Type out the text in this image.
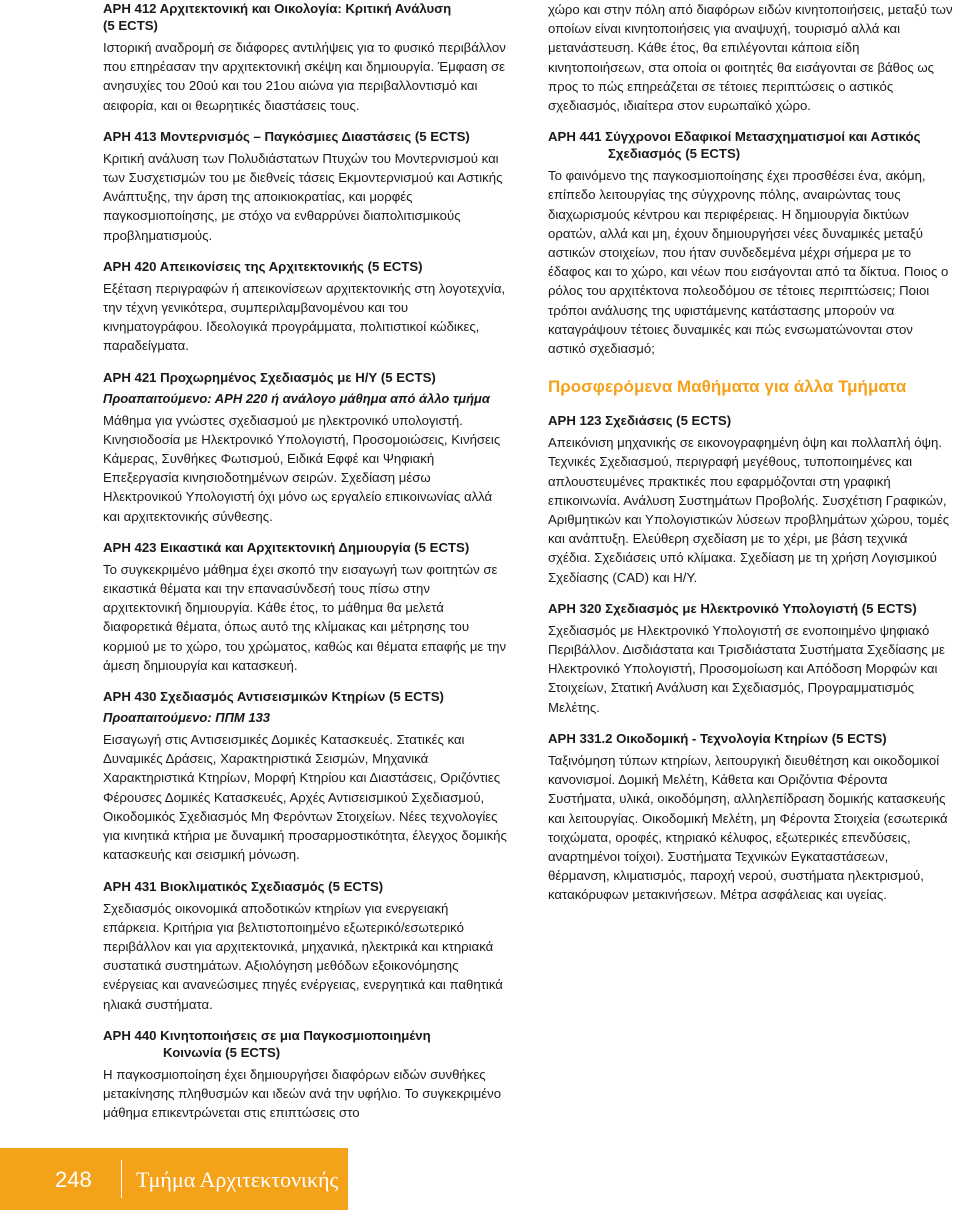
ΑΡΗ 412 Αρχιτεκτονική και Οικολογία: Κριτική Ανάλυση
(5 ECTS)

Ιστορική αναδρομή σε διάφορες αντιλήψεις για το φυσικό περιβάλλον που επηρέασαν την αρχιτεκτονική σκέψη και δημιουργία. Έμφαση σε ανησυχίες του 20ού και του 21ου αιώνα για περιβαλλοντισμό και αειφορία, και οι θεωρητικές διαστάσεις τους.

ΑΡΗ 413 Μοντερνισμός – Παγκόσμιες Διαστάσεις (5 ECTS)

Κριτική ανάλυση των Πολυδιάστατων Πτυχών του Μοντερνισμού και των Συσχετισμών του με διεθνείς τάσεις Εκμοντερνισμού και Αστικής Ανάπτυξης, την άρση της αποικιοκρατίας, και μορφές παγκοσμιοποίησης, με στόχο να ενθαρρύνει διαπολιτισμικούς προβληματισμούς.

ΑΡΗ 420 Απεικονίσεις της Αρχιτεκτονικής (5 ECTS)

Εξέταση περιγραφών ή απεικονίσεων αρχιτεκτονικής στη λογοτεχνία, την τέχνη γενικότερα, συμπεριλαμβανομένου και του κινηματογράφου. Ιδεολογικά προγράμματα, πολιτιστικοί κώδικες, παραδείγματα.

ΑΡΗ 421 Προχωρημένος Σχεδιασμός με Η/Υ (5 ECTS)
Προαπαιτούμενο: ΑΡΗ 220 ή ανάλογο μάθημα από άλλο τμήμα

Μάθημα για γνώστες σχεδιασμού με ηλεκτρονικό υπολογιστή. Κινησιοδοσία με Ηλεκτρονικό Υπολογιστή, Προσομοιώσεις, Κινήσεις Κάμερας, Συνθήκες Φωτισμού, Ειδικά Εφφέ και Ψηφιακή Επεξεργασία κινησιοδοτημένων σειρών. Σχεδίαση μέσω Ηλεκτρονικού Υπολογιστή όχι μόνο ως εργαλείο επικοινωνίας αλλά και αρχιτεκτονικής σύνθεσης.

ΑΡΗ 423 Εικαστικά και Αρχιτεκτονική Δημιουργία (5 ECTS)

Το συγκεκριμένο μάθημα έχει σκοπό την εισαγωγή των φοιτητών σε εικαστικά θέματα και την επανασύνδεσή τους πίσω στην αρχιτεκτονική δημιουργία. Κάθε έτος, το μάθημα θα μελετά διαφορετικά θέματα, όπως αυτό της κλίμακας και μέτρησης του κορμιού με το χώρο, του χρώματος, καθώς και θέματα επαφής με την άμεση δημιουργία και κατασκευή.

ΑΡΗ 430 Σχεδιασμός Αντισεισμικών Κτηρίων (5 ECTS)
Προαπαιτούμενο: ΠΠΜ 133

Εισαγωγή στις Αντισεισμικές Δομικές Κατασκευές. Στατικές και Δυναμικές Δράσεις, Χαρακτηριστικά Σεισμών, Μηχανικά Χαρακτηριστικά Κτηρίων, Μορφή Κτηρίου και Διαστάσεις, Οριζόντιες Φέρουσες Δομικές Κατασκευές, Αρχές Αντισεισμικού Σχεδιασμού, Οικοδομικός Σχεδιασμός Μη Φερόντων Στοιχείων. Νέες τεχνολογίες για κινητικά κτήρια με δυναμική προσαρμοστικότητα, έλεγχος δομικής κατασκευής και σεισμική μόνωση.

ΑΡΗ 431 Βιοκλιματικός Σχεδιασμός (5 ECTS)

Σχεδιασμός οικονομικά αποδοτικών κτηρίων για ενεργειακή επάρκεια. Κριτήρια για βελτιστοποιημένο εξωτερικό/εσωτερικό περιβάλλον και για αρχιτεκτονικά, μηχανικά, ηλεκτρικά και κτηριακά συστατικά συστημάτων. Αξιολόγηση μεθόδων εξοικονόμησης ενέργειας και ανανεώσιμες πηγές ενέργειας, ενεργητικά και παθητικά ηλιακά συστήματα.

ΑΡΗ 440 Κινητοποιήσεις σε μια Παγκοσμιοποιημένη
Κοινωνία (5 ECTS)

Η παγκοσμιοποίηση έχει δημιουργήσει διαφόρων ειδών συνθήκες μετακίνησης πληθυσμών και ιδεών ανά την υφήλιο. Το συγκεκριμένο μάθημα επικεντρώνεται στις επιπτώσεις στο

χώρο και στην πόλη από διαφόρων ειδών κινητοποιήσεις, μεταξύ των οποίων είναι κινητοποιήσεις για αναψυχή, τουρισμό αλλά και μετανάστευση. Κάθε έτος, θα επιλέγονται κάποια είδη κινητοποιήσεων, στα οποία οι φοιτητές θα εισάγονται σε βάθος ως προς το πώς επηρεάζεται σε τέτοιες περιπτώσεις ο αστικός σχεδιασμός, ιδιαίτερα στον ευρωπαϊκό χώρο.

ΑΡΗ 441 Σύγχρονοι Εδαφικοί Μετασχηματισμοί και Αστικός
Σχεδιασμός (5 ECTS)

Το φαινόμενο της παγκοσμιοποίησης έχει προσθέσει ένα, ακόμη, επίπεδο λειτουργίας της σύγχρονης πόλης, αναιρώντας τους διαχωρισμούς κέντρου και περιφέρειας. Η δημιουργία δικτύων ορατών, αλλά και μη, έχουν δημιουργήσει νέες δυναμικές μεταξύ αστικών στοιχείων, που ήταν συνδεδεμένα μέχρι σήμερα με το έδαφος και το χώρο, και νέων που εισάγονται από τα δίκτυα. Ποιος ο ρόλος του αρχιτέκτονα πολεοδόμου σε τέτοιες περιπτώσεις; Ποιοι τρόποι ανάλυσης της υφιστάμενης κατάστασης μπορούν να καταγράψουν τέτοιες δυναμικές και πώς ενσωματώνονται στον αστικό σχεδιασμό;

Προσφερόμενα Μαθήματα για άλλα Τμήματα
ΑΡΗ 123 Σχεδιάσεις (5 ECTS)

Απεικόνιση μηχανικής σε εικονογραφημένη όψη και πολλαπλή όψη. Τεχνικές Σχεδιασμού, περιγραφή μεγέθους, τυποποιημένες και απλουστευμένες πρακτικές που εφαρμόζονται στη γραφική επικοινωνία. Ανάλυση Συστημάτων Προβολής. Συσχέτιση Γραφικών, Αριθμητικών και Υπολογιστικών λύσεων προβλημάτων χώρου, τομές και ανάπτυξη. Ελεύθερη σχεδίαση με το χέρι, με βάση τεχνικά σχέδια. Σχεδιάσεις υπό κλίμακα. Σχεδίαση με τη χρήση Λογισμικού Σχεδίασης (CAD) και Η/Υ.

ΑΡΗ 320 Σχεδιασμός με Ηλεκτρονικό Υπολογιστή (5 ECTS)

Σχεδιασμός με Ηλεκτρονικό Υπολογιστή σε ενοποιημένο ψηφιακό Περιβάλλον. Δισδιάστατα και Τρισδιάστατα Συστήματα Σχεδίασης με Ηλεκτρονικό Υπολογιστή, Προσομοίωση και Απόδοση Μορφών και Στοιχείων, Στατική Ανάλυση και Σχεδιασμός, Προγραμματισμός Μελέτης.

ΑΡΗ 331.2 Οικοδομική - Τεχνολογία Κτηρίων (5 ECTS)

Ταξινόμηση τύπων κτηρίων, λειτουργική διευθέτηση και οικοδομικοί κανονισμοί. Δομική Μελέτη, Κάθετα και Οριζόντια Φέροντα Συστήματα, υλικά, οικοδόμηση, αλληλεπίδραση δομικής κατασκευής και λειτουργίας. Οικοδομική Μελέτη, μη Φέροντα Στοιχεία (εσωτερικά τοιχώματα, οροφές, κτηριακό κέλυφος, εξωτερικές επενδύσεις, αναρτημένοι τοίχοι). Συστήματα Τεχνικών Εγκαταστάσεων, θέρμανση, κλιματισμός, παροχή νερού, συστήματα ηλεκτρισμού, κατακόρυφων μετακινήσεων. Μέτρα ασφάλειας και υγείας.

248 Τμήμα Αρχιτεκτονικής
